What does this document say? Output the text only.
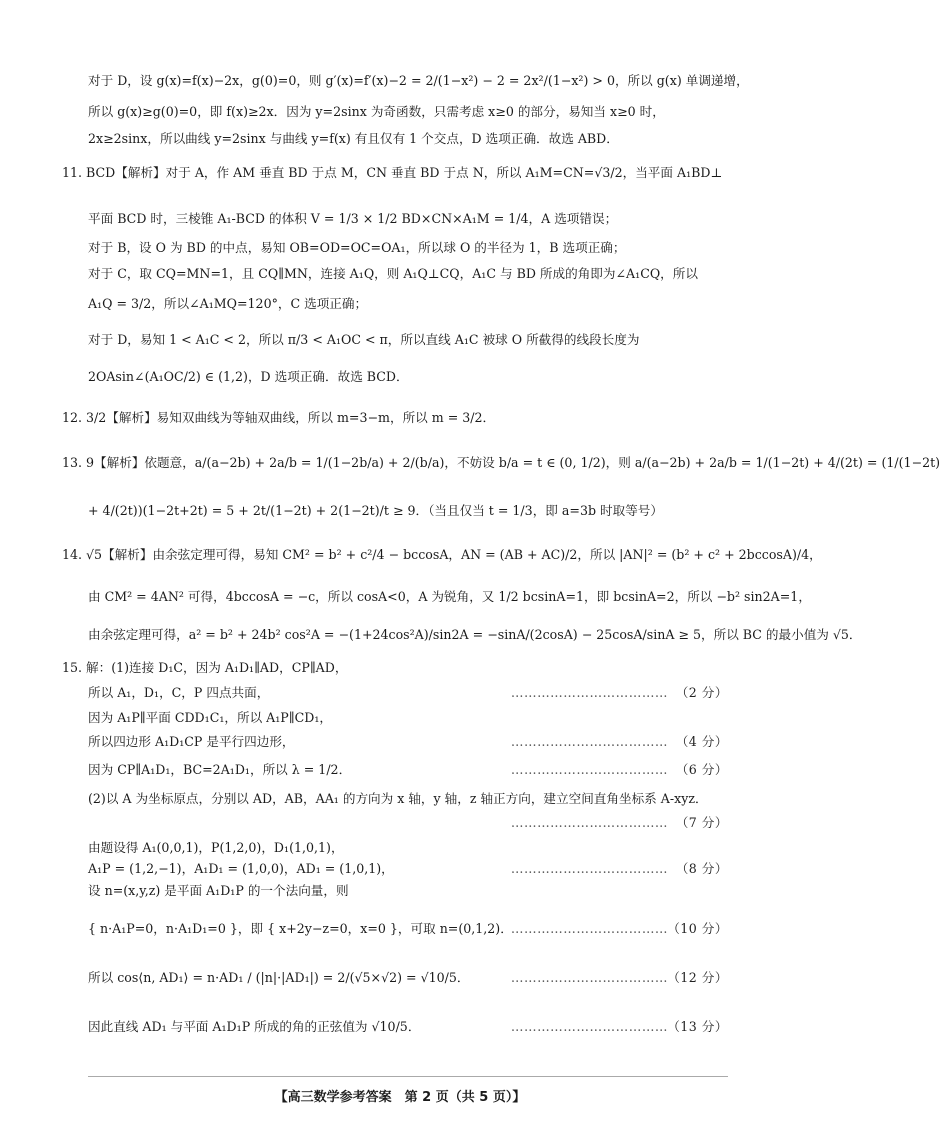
对于 D，设 g(x)=f(x)−2x，g(0)=0，则 g′(x)=f′(x)−2 = 2/(1−x²) − 2 = 2x²/(1−x²) > 0，所以 g(x) 单调递增，
所以 g(x)≥g(0)=0，即 f(x)≥2x．因为 y=2sinx 为奇函数，只需考虑 x≥0 的部分，易知当 x≥0 时，
2x≥2sinx，所以曲线 y=2sinx 与曲线 y=f(x) 有且仅有 1 个交点，D 选项正确．故选 ABD．
11. BCD【解析】对于 A，作 AM 垂直 BD 于点 M，CN 垂直 BD 于点 N，所以 A₁M=CN=√3/2，当平面 A₁BD⊥
平面 BCD 时，三棱锥 A₁-BCD 的体积 V = 1/3 × 1/2 BD×CN×A₁M = 1/4，A 选项错误；
对于 B，设 O 为 BD 的中点，易知 OB=OD=OC=OA₁，所以球 O 的半径为 1，B 选项正确；
对于 C，取 CQ=MN=1，且 CQ∥MN，连接 A₁Q，则 A₁Q⊥CQ，A₁C 与 BD 所成的角即为∠A₁CQ，所以
A₁Q = 3/2，所以∠A₁MQ=120°，C 选项正确；
对于 D，易知 1 < A₁C < 2，所以 π/3 < A₁OC < π，所以直线 A₁C 被球 O 所截得的线段长度为
2OAsin∠(A₁OC/2) ∈ (1,2)，D 选项正确．故选 BCD．
12. 3/2【解析】易知双曲线为等轴双曲线，所以 m=3−m，所以 m = 3/2．
13. 9【解析】依题意，a/(a−2b) + 2a/b = 1/(1−2b/a) + 2/(b/a)，不妨设 b/a = t ∈ (0, 1/2)，则 a/(a−2b) + 2a/b = 1/(1−2t) + 4/(2t) = (1/(1−2t)
+ 4/(2t))(1−2t+2t) = 5 + 2t/(1−2t) + 2(1−2t)/t ≥ 9．（当且仅当 t = 1/3，即 a=3b 时取等号）
14. √5【解析】由余弦定理可得，易知 CM² = b² + c²/4 − bccosA，AN = (AB + AC)/2，所以 |AN|² = (b² + c² + 2bccosA)/4，
由 CM² = 4AN² 可得，4bccosA = −c，所以 cosA<0，A 为锐角，又 1/2 bcsinA=1，即 bcsinA=2，所以 −b² sin2A=1，
由余弦定理可得，a² = b² + 24b² cos²A = −(1+24cos²A)/sin2A = −sinA/(2cosA) − 25cosA/sinA ≥ 5，所以 BC 的最小值为 √5．
15. 解：(1)连接 D₁C，因为 A₁D₁∥AD，CP∥AD，
所以 A₁，D₁，C，P 四点共面，
因为 A₁P∥平面 CDD₁C₁，所以 A₁P∥CD₁，
所以四边形 A₁D₁CP 是平行四边形，
因为 CP∥A₁D₁，BC=2A₁D₁，所以 λ = 1/2．
(2)以 A 为坐标原点，分别以 AD，AB，AA₁ 的方向为 x 轴，y 轴，z 轴正方向，建立空间直角坐标系 A-xyz．
由题设得 A₁(0,0,1)，P(1,2,0)，D₁(1,0,1)，
A₁P = (1,2,−1)，A₁D₁ = (1,0,0)，AD₁ = (1,0,1)，
设 n=(x,y,z) 是平面 A₁D₁P 的一个法向量，则
{ n·A₁P=0，n·A₁D₁=0 }，即 { x+2y−z=0，x=0 }，可取 n=(0,1,2)．
所以 cos⟨n, AD₁⟩ = n·AD₁ / (|n|·|AD₁|) = 2/(√5×√2) = √10/5．
因此直线 AD₁ 与平面 A₁D₁P 所成的角的正弦值为 √10/5．
（2 分）
………………………………
（4 分）
………………………………
（6 分）
………………………………
（7 分）
………………………………
（8 分）
………………………………
（10 分）
………………………………
（12 分）
………………………………
（13 分）
………………………………
【高三数学参考答案　第 2 页（共 5 页）】
